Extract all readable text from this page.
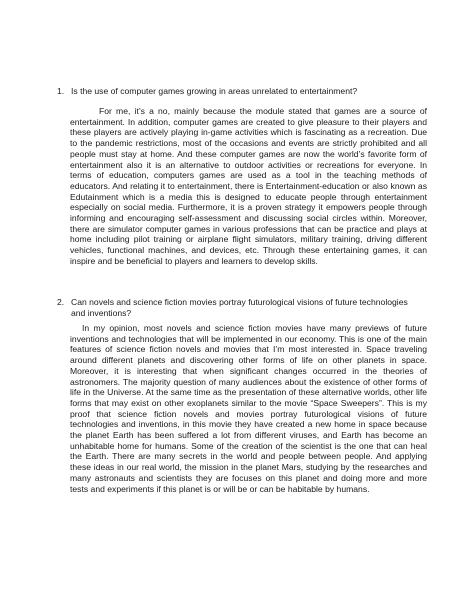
1. Is the use of computer games growing in areas unrelated to entertainment?
For me, it’s a no, mainly because the module stated that games are a source of entertainment. In addition, computer games are created to give pleasure to their players and these players are actively playing in-game activities which is fascinating as a recreation. Due to the pandemic restrictions, most of the occasions and events are strictly prohibited and all people must stay at home. And these computer games are now the world’s favorite form of entertainment also it is an alternative to outdoor activities or recreations for everyone. In terms of education, computers games are used as a tool in the teaching methods of educators. And relating it to entertainment, there is Entertainment-education or also known as Edutainment which is a media this is designed to educate people through entertainment especially on social media. Furthermore, it is a proven strategy it empowers people through informing and encouraging self-assessment and discussing social circles within. Moreover, there are simulator computer games in various professions that can be practice and plays at home including pilot training or airplane flight simulators, military training, driving different vehicles, functional machines, and devices, etc. Through these entertaining games, it can inspire and be beneficial to players and learners to develop skills.
2. Can novels and science fiction movies portray futurological visions of future technologies and inventions?
In my opinion, most novels and science fiction movies have many previews of future inventions and technologies that will be implemented in our economy. This is one of the main features of science fiction novels and movies that I’m most interested in. Space traveling around different planets and discovering other forms of life on other planets in space. Moreover, it is interesting that when significant changes occurred in the theories of astronomers. The majority question of many audiences about the existence of other forms of life in the Universe. At the same time as the presentation of these alternative worlds, other life forms that may exist on other exoplanets similar to the movie “Space Sweepers”. This is my proof that science fiction novels and movies portray futurological visions of future technologies and inventions, in this movie they have created a new home in space because the planet Earth has been suffered a lot from different viruses, and Earth has become an unhabitable home for humans. Some of the creation of the scientist is the one that can heal the Earth. There are many secrets in the world and people between people. And applying these ideas in our real world, the mission in the planet Mars, studying by the researches and many astronauts and scientists they are focuses on this planet and doing more and more tests and experiments if this planet is or will be or can be habitable by humans.
